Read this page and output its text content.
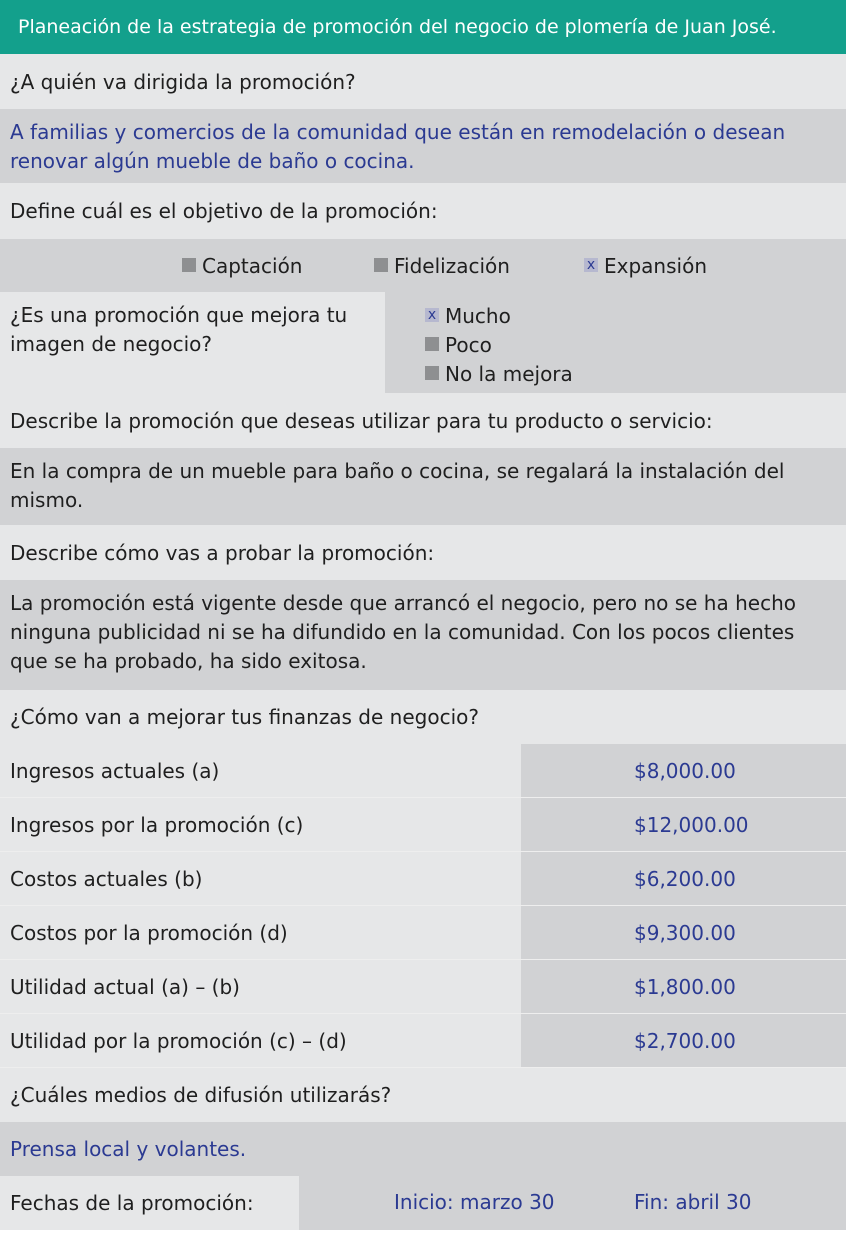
Planeación de la estrategia de promoción del negocio de plomería de Juan José.
¿A quién va dirigida la promoción?
A familias y comercios de la comunidad que están en remodelación o desean renovar algún mueble de baño o cocina.
Define cuál es el objetivo de la promoción:
Captación	Fidelización	x Expansión
¿Es una promoción que mejora tu imagen de negocio?
x Mucho
Poco
No la mejora
Describe la promoción que deseas utilizar para tu producto o servicio:
En la compra de un mueble para baño o cocina, se regalará la instalación del mismo.
Describe cómo vas a probar la promoción:
La promoción está vigente desde que arrancó el negocio, pero no se ha hecho ninguna publicidad ni se ha difundido en la comunidad. Con los pocos clientes que se ha probado, ha sido exitosa.
¿Cómo van a mejorar tus finanzas de negocio?
Ingresos actuales (a)	$8,000.00
Ingresos por la promoción (c)	$12,000.00
Costos actuales (b)	$6,200.00
Costos por la promoción (d)	$9,300.00
Utilidad actual (a) – (b)	$1,800.00
Utilidad por la promoción (c) – (d)	$2,700.00
¿Cuáles medios de difusión utilizarás?
Prensa local y volantes.
Fechas de la promoción:	Inicio: marzo 30	Fin: abril 30
